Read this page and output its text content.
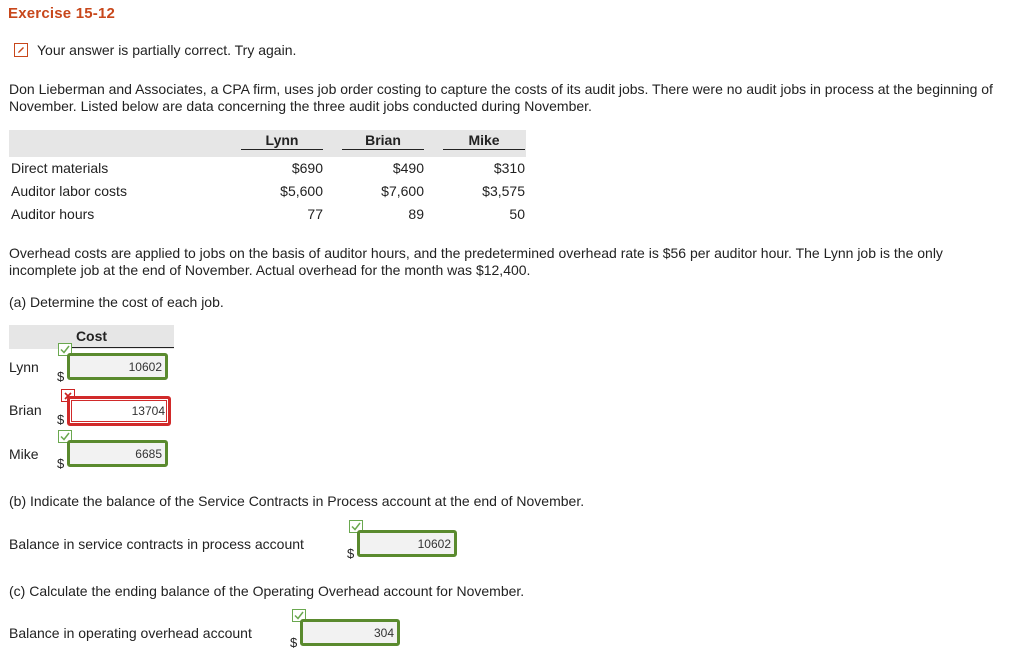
Exercise 15-12
Your answer is partially correct. Try again.
Don Lieberman and Associates, a CPA firm, uses job order costing to capture the costs of its audit jobs. There were no audit jobs in process at the beginning of November. Listed below are data concerning the three audit jobs conducted during November.
Lynn	Brian	Mike
Direct materials	$690	$490	$310
Auditor labor costs	$5,600	$7,600	$3,575
Auditor hours	77	89	50
Overhead costs are applied to jobs on the basis of auditor hours, and the predetermined overhead rate is $56 per auditor hour. The Lynn job is the only incomplete job at the end of November. Actual overhead for the month was $12,400.
(a) Determine the cost of each job.
Cost
Lynn
$
10602
Brian
$
13704
Mike
$
6685
(b) Indicate the balance of the Service Contracts in Process account at the end of November.
Balance in service contracts in process account
$
10602
(c) Calculate the ending balance of the Operating Overhead account for November.
Balance in operating overhead account
$
304
